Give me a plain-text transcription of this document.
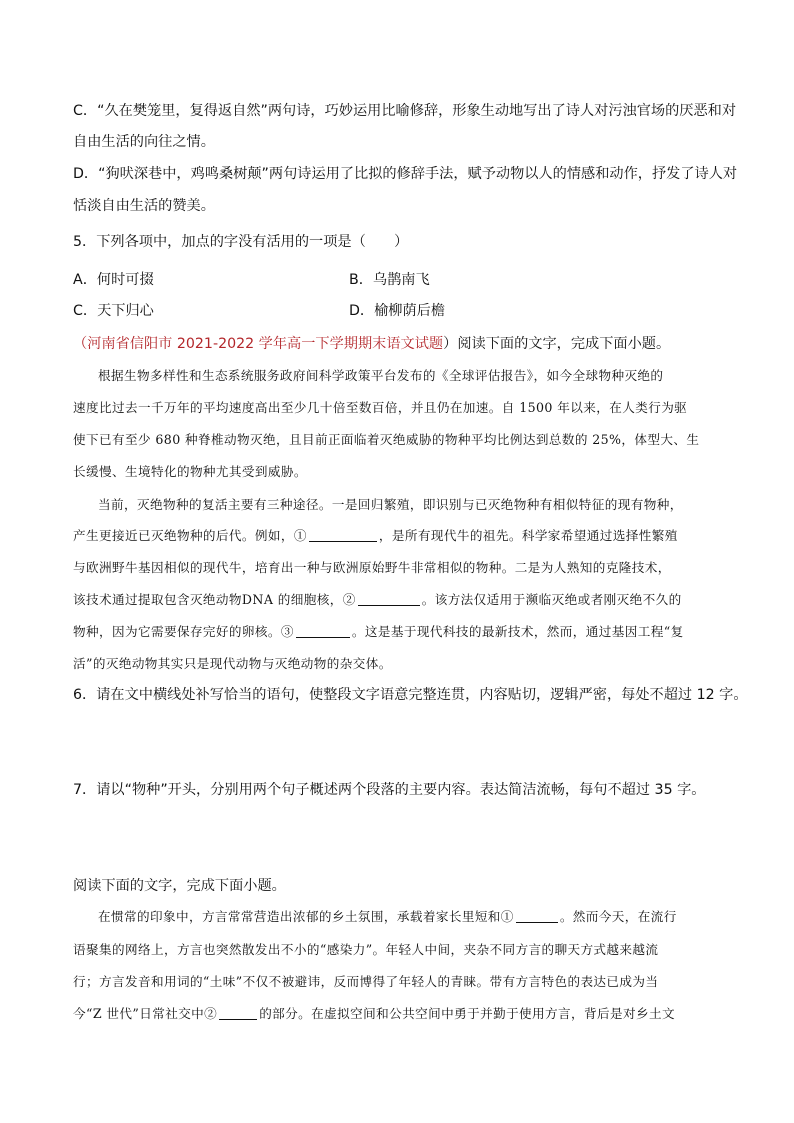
C．“久在樊笼里，复得返自然”两句诗，巧妙运用比喻修辞，形象生动地写出了诗人对污浊官场的厌恶和对
自由生活的向往之情。
D．“狗吠深巷中，鸡鸣桑树颠”两句诗运用了比拟的修辞手法，赋予动物以人的情感和动作，抒发了诗人对
恬淡自由生活的赞美。
5．下列各项中，加点的字没有活用的一项是（　　）
A．何时可掇	B．乌鹊南飞
C．天下归心	D．榆柳荫后檐
（河南省信阳市 2021-2022 学年高一下学期期末语文试题）阅读下面的文字，完成下面小题。
根据生物多样性和生态系统服务政府间科学政策平台发布的《全球评估报告》，如今全球物种灭绝的
速度比过去一千万年的平均速度高出至少几十倍至数百倍，并且仍在加速。自 1500 年以来，在人类行为驱
使下已有至少 680 种脊椎动物灭绝，且目前正面临着灭绝威胁的物种平均比例达到总数的 25%，体型大、生
长缓慢、生境特化的物种尤其受到威胁。
当前，灭绝物种的复活主要有三种途径。一是回归繁殖，即识别与已灭绝物种有相似特征的现有物种，
产生更接近已灭绝物种的后代。例如，①	，是所有现代牛的祖先。科学家希望通过选择性繁殖
与欧洲野牛基因相似的现代牛，培育出一种与欧洲原始野牛非常相似的物种。二是为人熟知的克隆技术，
该技术通过提取包含灭绝动物DNA 的细胞核，②	。该方法仅适用于濒临灭绝或者刚灭绝不久的
物种，因为它需要保存完好的卵核。③	。这是基于现代科技的最新技术，然而，通过基因工程“复
活”的灭绝动物其实只是现代动物与灭绝动物的杂交体。
6．请在文中横线处补写恰当的语句，使整段文字语意完整连贯，内容贴切，逻辑严密，每处不超过 12 字。
7．请以“物种”开头，分别用两个句子概述两个段落的主要内容。表达简洁流畅，每句不超过 35 字。
阅读下面的文字，完成下面小题。
在惯常的印象中，方言常常营造出浓郁的乡土氛围，承载着家长里短和①	。然而今天，在流行
语聚集的网络上，方言也突然散发出不小的“感染力”。年轻人中间，夹杂不同方言的聊天方式越来越流
行；方言发音和用词的“土味”不仅不被避讳，反而博得了年轻人的青睐。带有方言特色的表达已成为当
今“Z 世代”日常社交中②	的部分。在虚拟空间和公共空间中勇于并勤于使用方言，背后是对乡土文
